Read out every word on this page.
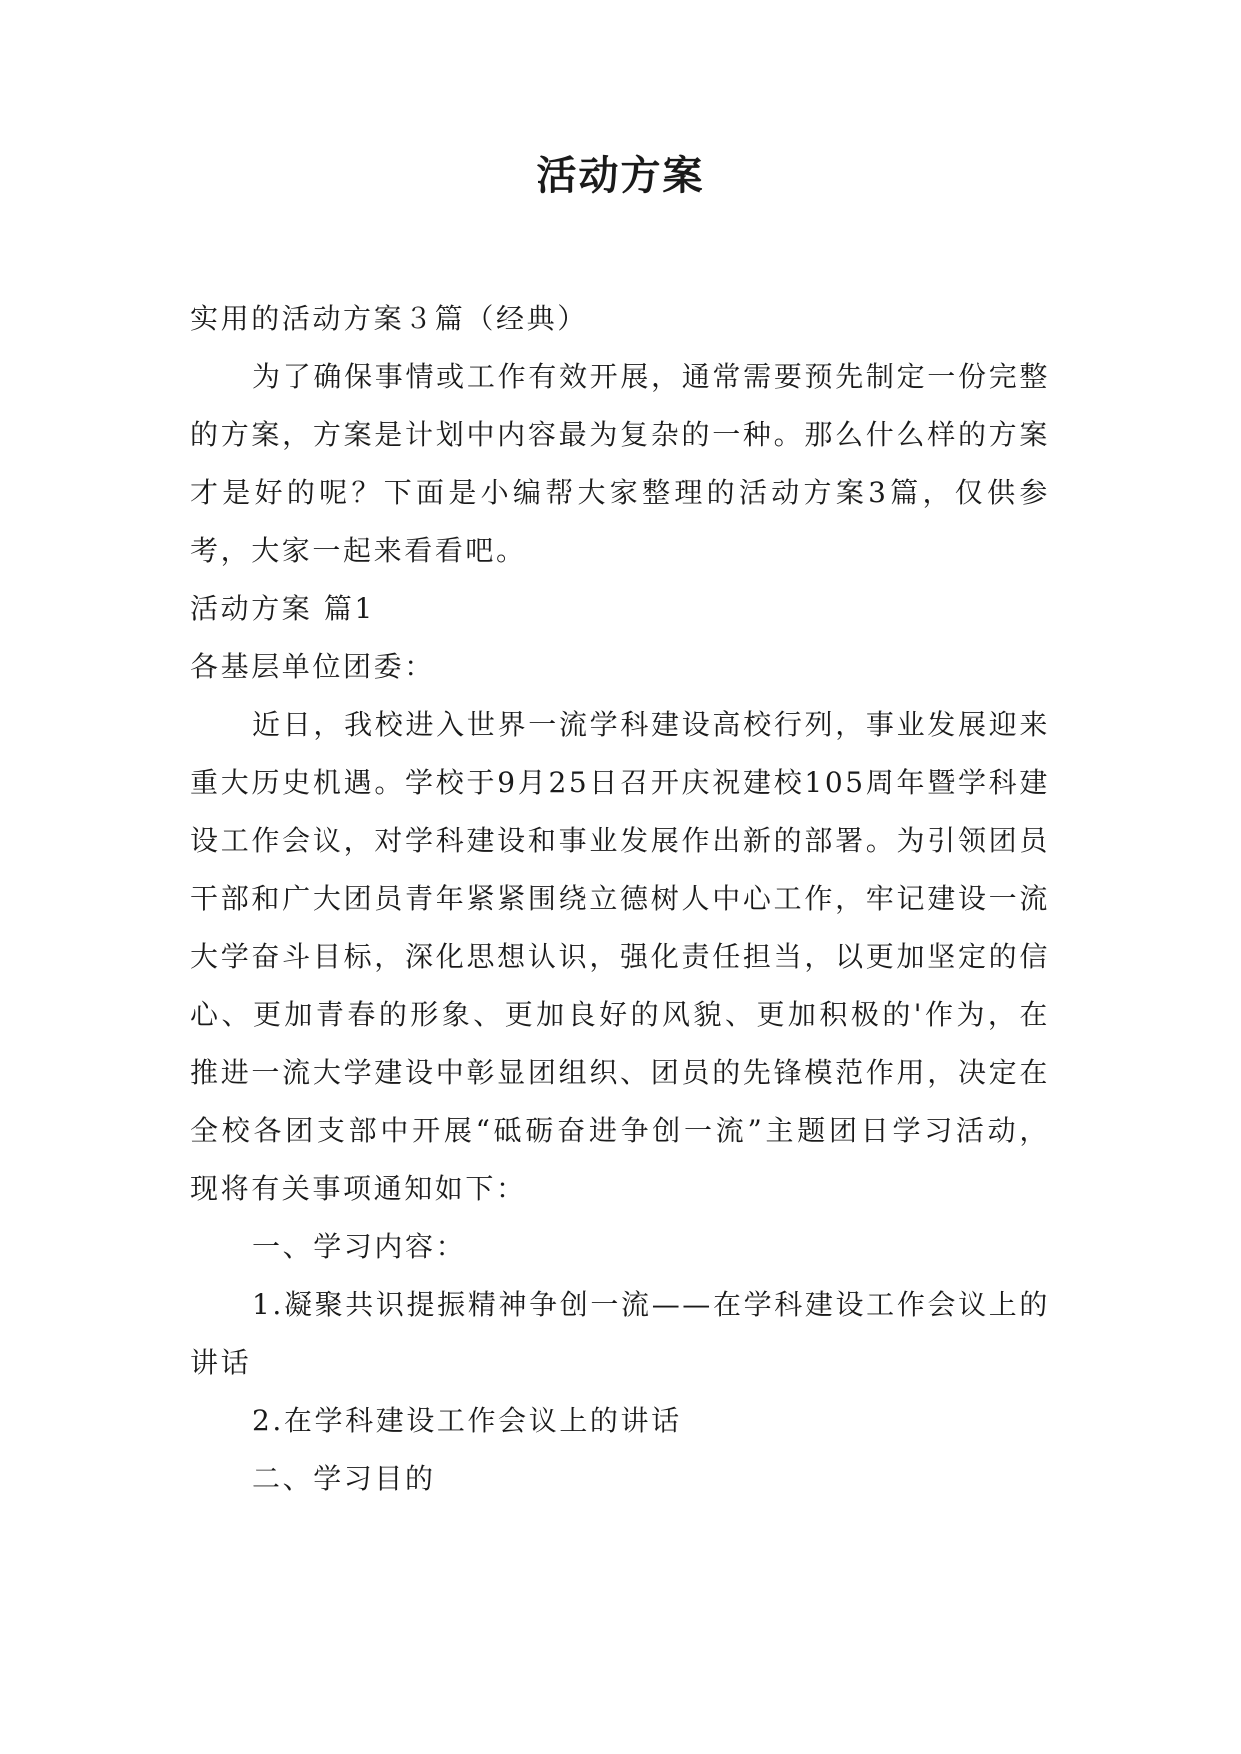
活动方案

实用的活动方案３篇（经典）

为了确保事情或工作有效开展，通常需要预先制定一份完整的方案，方案是计划中内容最为复杂的一种。那么什么样的方案才是好的呢？下面是小编帮大家整理的活动方案3篇，仅供参考，大家一起来看看吧。

活动方案 篇1

各基层单位团委：

近日，我校进入世界一流学科建设高校行列，事业发展迎来重大历史机遇。学校于9月25日召开庆祝建校105周年暨学科建设工作会议，对学科建设和事业发展作出新的部署。为引领团员干部和广大团员青年紧紧围绕立德树人中心工作，牢记建设一流大学奋斗目标，深化思想认识，强化责任担当，以更加坚定的信心、更加青春的形象、更加良好的风貌、更加积极的'作为，在推进一流大学建设中彰显团组织、团员的先锋模范作用，决定在全校各团支部中开展“砥砺奋进争创一流”主题团日学习活动，现将有关事项通知如下：

一、学习内容：

1.凝聚共识提振精神争创一流——在学科建设工作会议上的讲话

2.在学科建设工作会议上的讲话

二、学习目的
